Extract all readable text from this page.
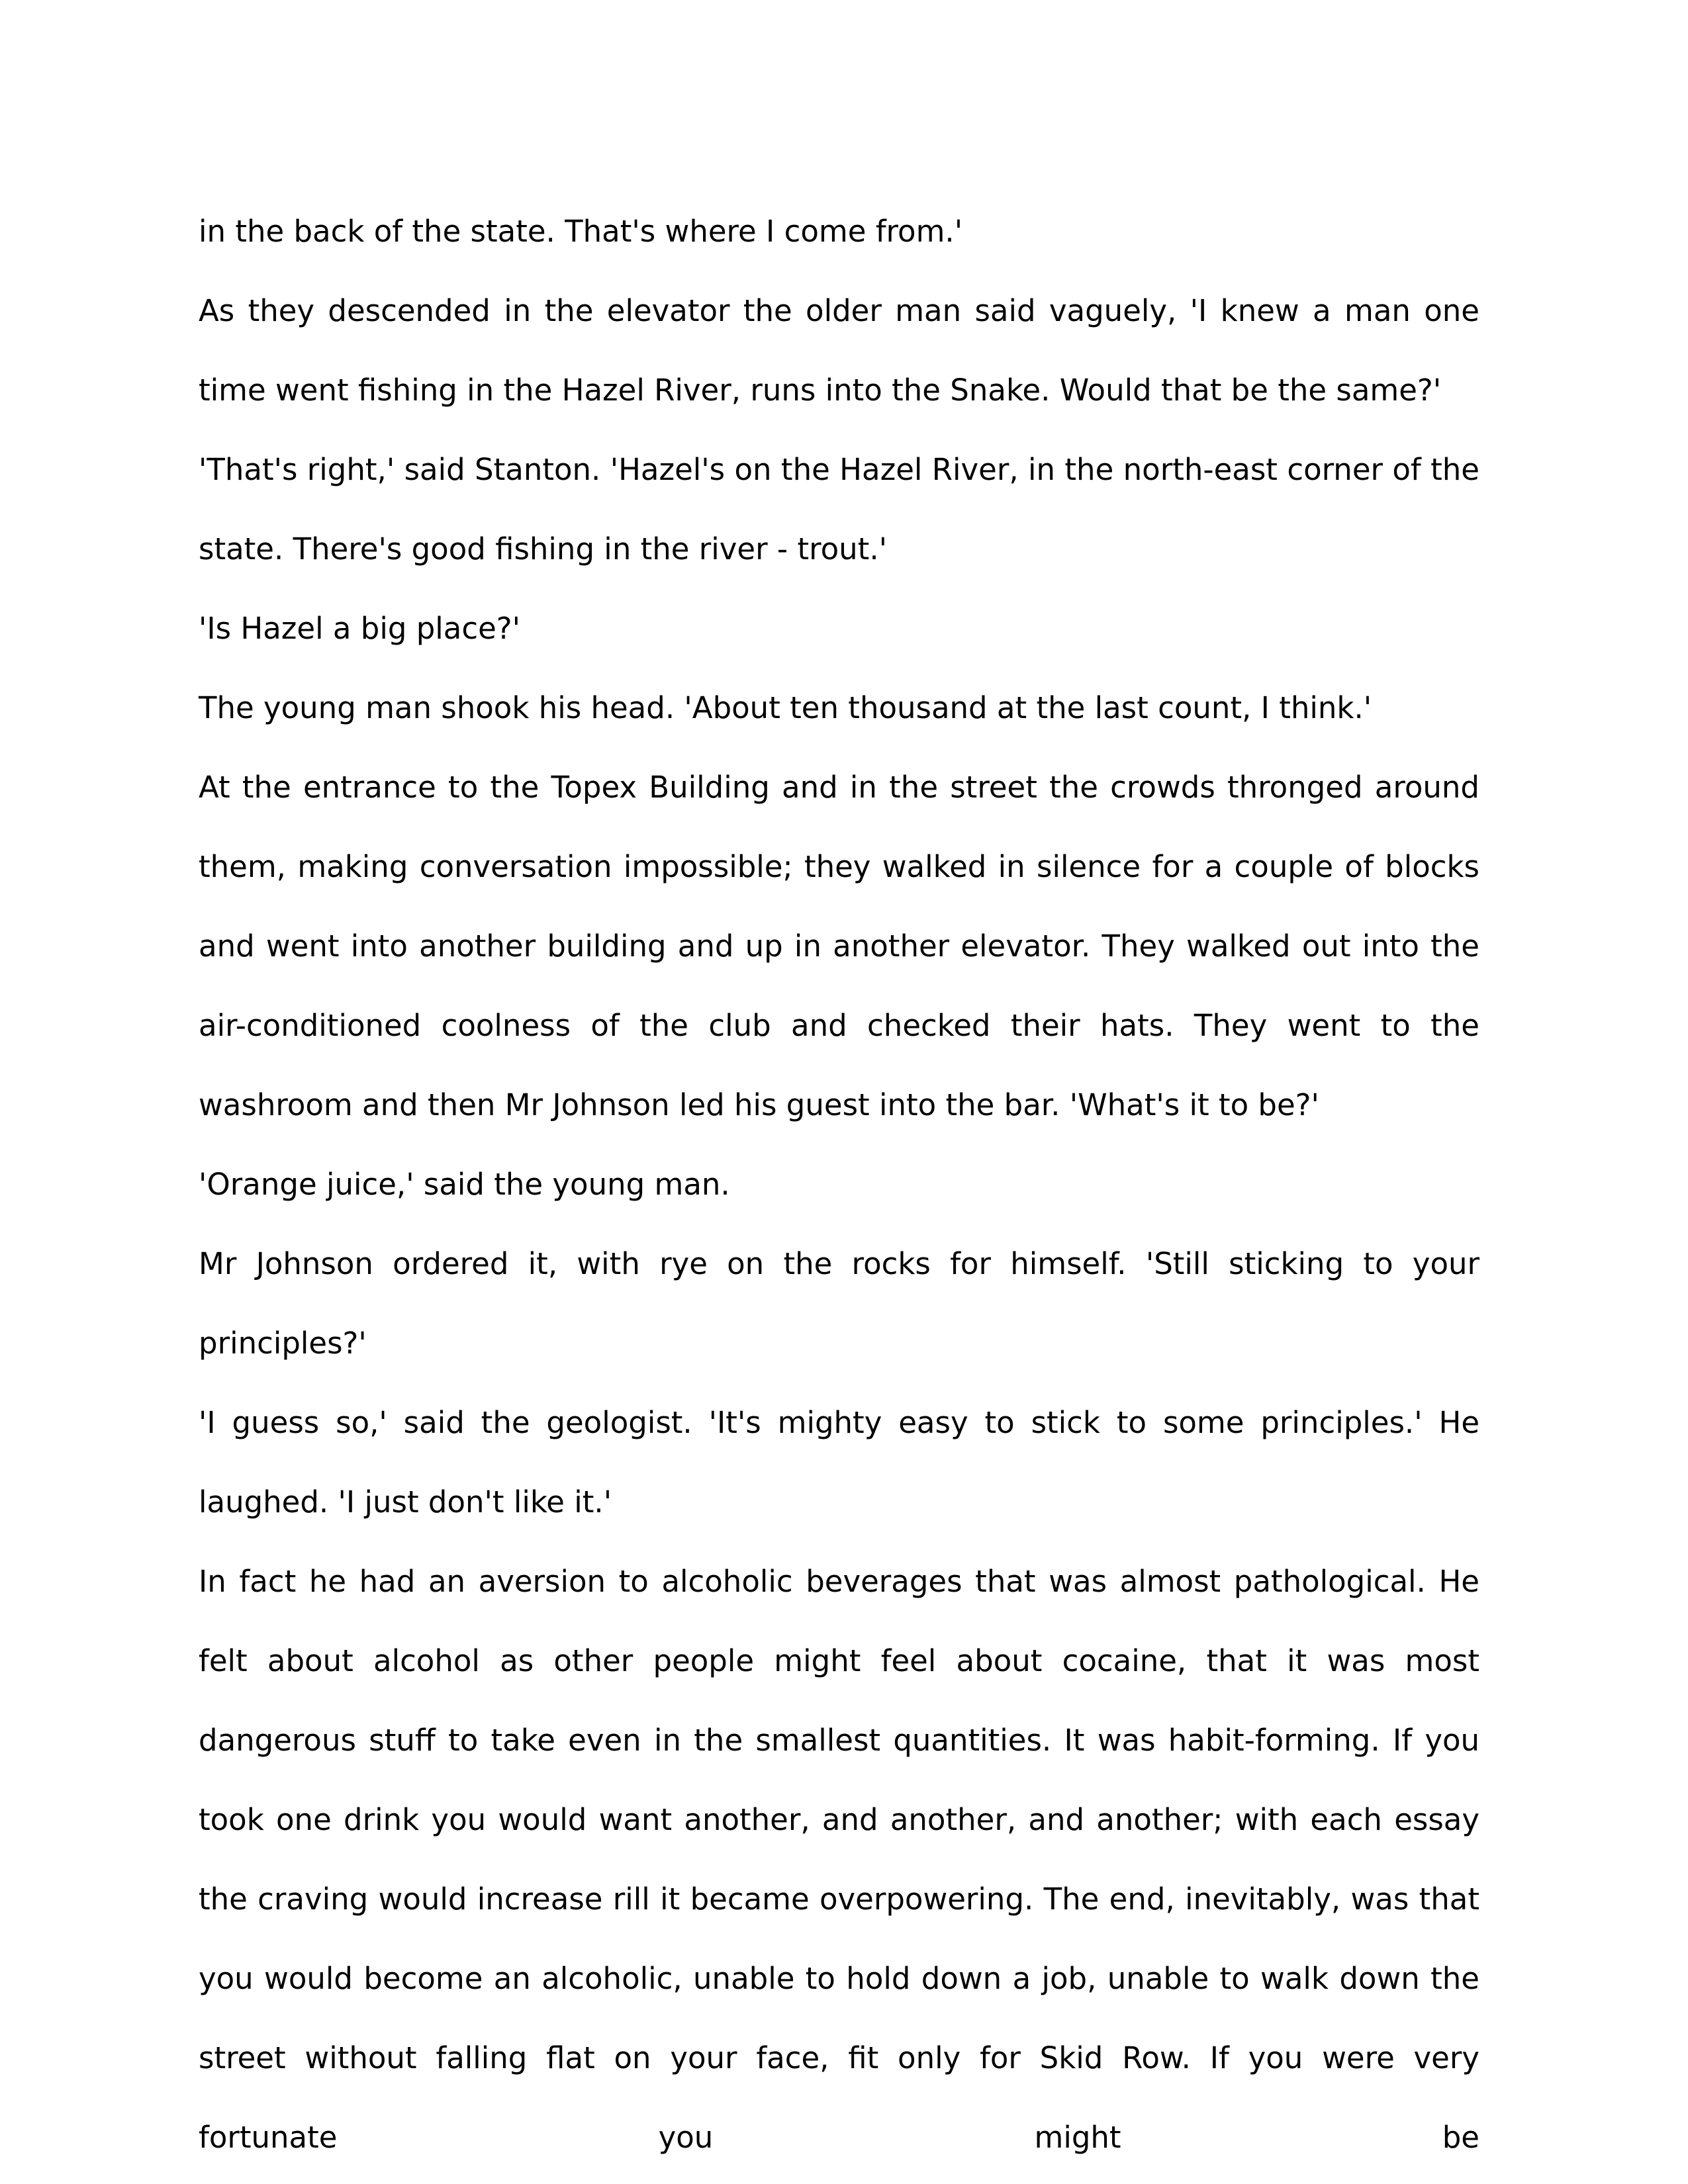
in the back of the state. That's where I come from.'

As they descended in the elevator the older man said vaguely, 'I knew a man one time went fishing in the Hazel River, runs into the Snake. Would that be the same?'

'That's right,' said Stanton. 'Hazel's on the Hazel River, in the north-east corner of the state. There's good fishing in the river - trout.'

'Is Hazel a big place?'

The young man shook his head. 'About ten thousand at the last count, I think.'

At the entrance to the Topex Building and in the street the crowds thronged around them, making conversation impossible; they walked in silence for a couple of blocks and went into another building and up in another elevator. They walked out into the air-conditioned coolness of the club and checked their hats. They went to the washroom and then Mr Johnson led his guest into the bar. 'What's it to be?'

'Orange juice,' said the young man.

Mr Johnson ordered it, with rye on the rocks for himself. 'Still sticking to your principles?'

'I guess so,' said the geologist. 'It's mighty easy to stick to some principles.' He laughed. 'I just don't like it.'

In fact he had an aversion to alcoholic beverages that was almost pathological. He felt about alcohol as other people might feel about cocaine, that it was most dangerous stuff to take even in the smallest quantities. It was habit-forming. If you took one drink you would want another, and another, and another; with each essay the craving would increase rill it became overpowering. The end, inevitably, was that you would become an alcoholic, unable to hold down a job, unable to walk down the street without falling flat on your face, fit only for Skid Row. If you were very fortunate you might be
